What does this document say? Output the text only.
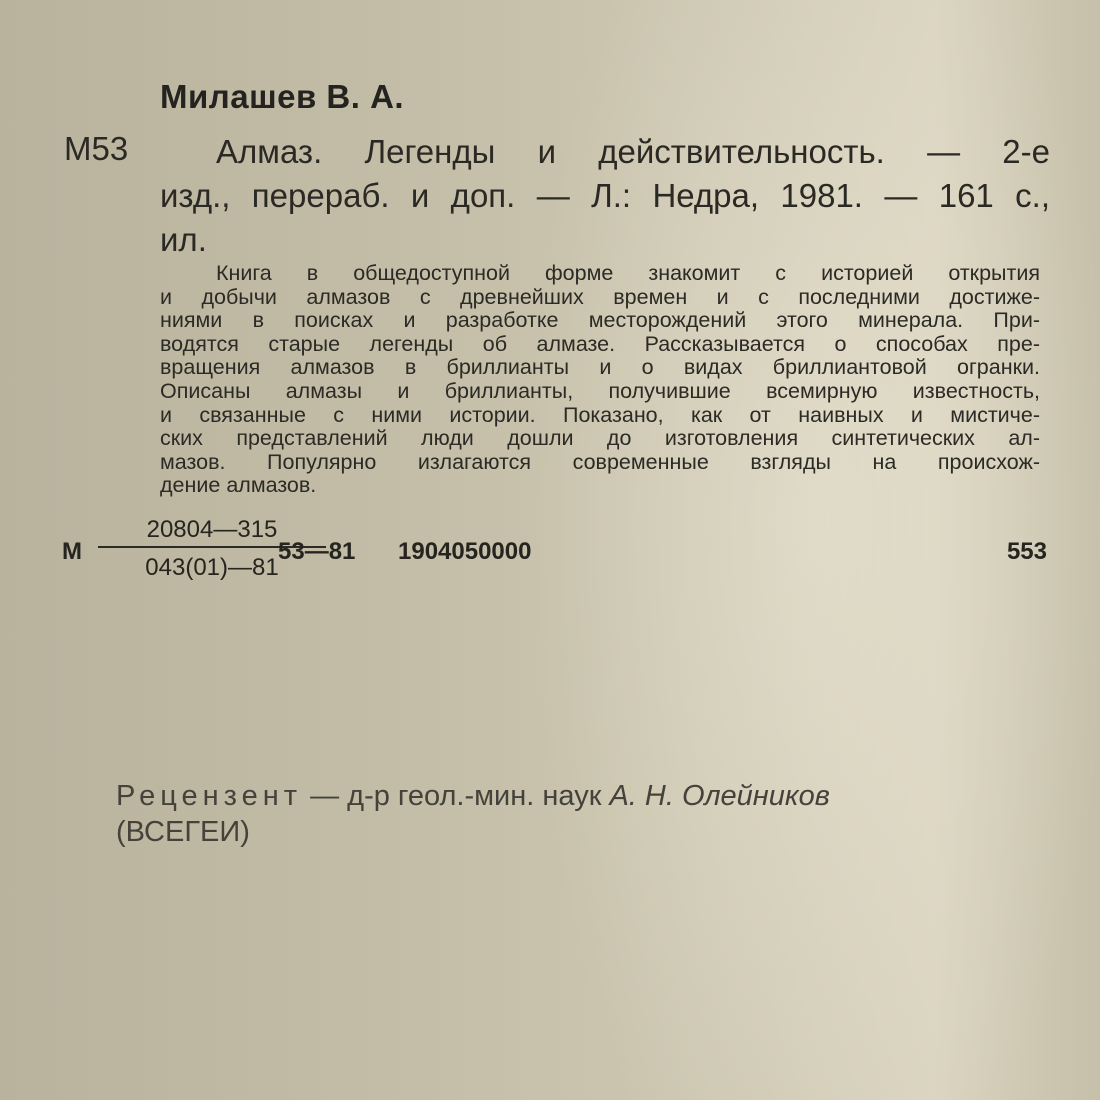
Милашев В. А.
М53	Алмаз. Легенды и действительность. — 2-е
изд., перераб. и доп. — Л.: Недра, 1981. — 161 с.,
ил.
Книга в общедоступной форме знакомит с историей открытия
и добычи алмазов с древнейших времен и с последними достиже-
ниями в поисках и разработке месторождений этого минерала. При-
водятся старые легенды об алмазе. Рассказывается о способах пре-
вращения алмазов в бриллианты и о видах бриллиантовой огранки.
Описаны алмазы и бриллианты, получившие всемирную известность,
и связанные с ними истории. Показано, как от наивных и мистиче-
ских представлений люди дошли до изготовления синтетических ал-
мазов. Популярно излагаются современные взгляды на происхож-
дение алмазов.
М
20804—315
043(01)—81
53—81 1904050000	553
Рецензент — д-р геол.-мин. наук А. Н. Олейников
(ВСЕГЕИ)
